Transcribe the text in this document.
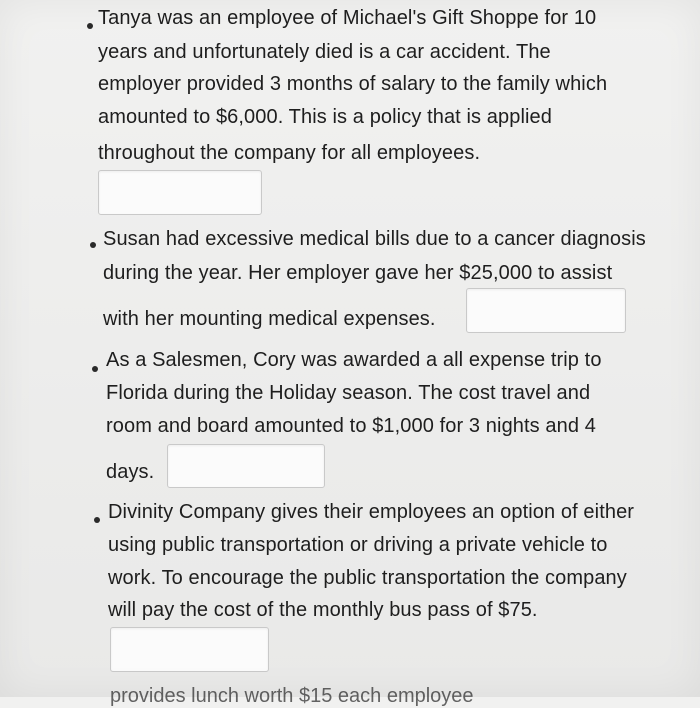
Tanya was an employee of Michael's Gift Shoppe for 10
years and unfortunately died is a car accident. The
employer provided 3 months of salary to the family which
amounted to $6,000. This is a policy that is applied
throughout the company for all employees.
Susan had excessive medical bills due to a cancer diagnosis
during the year. Her employer gave her $25,000 to assist
with her mounting medical expenses.
As a Salesmen, Cory was awarded a all expense trip to
Florida during the Holiday season. The cost travel and
room and board amounted to $1,000 for 3 nights and 4
days.
Divinity Company gives their employees an option of either
using public transportation or driving a private vehicle to
work. To encourage the public transportation the company
will pay the cost of the monthly bus pass of $75.
provides lunch worth $15 each employee
